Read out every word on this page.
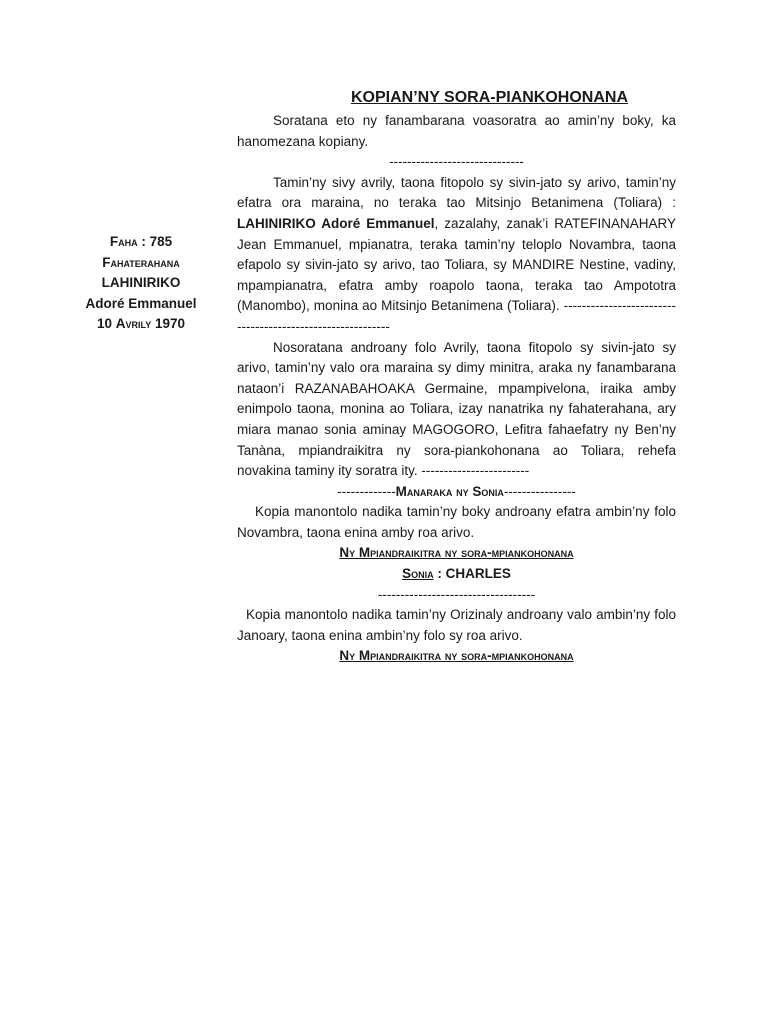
Faha : 785
Fahaterahana
LAHINIRIKO
Adoré Emmanuel
10 Avrily 1970

KOPIAN’NY SORA-PIANKOHONANA

Soratana eto ny fanambarana voasoratra ao amin’ny boky, ka hanomezana kopiany.

------------------------------

Tamin’ny sivy avrily, taona fitopolo sy sivin-jato sy arivo, tamin’ny efatra ora maraina, no teraka tao Mitsinjo Betanimena (Toliara) : LAHINIRIKO Adoré Emmanuel, zazalahy, zanak’i RATEFINANAHARY Jean Emmanuel, mpianatra, teraka tamin’ny teloplo Novambra, taona efapolo sy sivin-jato sy arivo, tao Toliara, sy MANDIRE Nestine, vadiny, mpampianatra, efatra amby roapolo taona, teraka tao Ampototra (Manombo), monina ao Mitsinjo Betanimena (Toliara). -----------------------------------------------------------

Nosoratana androany folo Avrily, taona fitopolo sy sivin-jato sy arivo, tamin’ny valo ora maraina sy dimy minitra, araka ny fanambarana nataon’i RAZANABAHOAKA Germaine, mpampivelona, iraika amby enimpolo taona, monina ao Toliara, izay nanatrika ny fahaterahana, ary miara manao sonia aminay MAGOGORO, Lefitra fahaefatry ny Ben’ny Tanàna, mpiandraikitra ny sora-piankohonana ao Toliara, rehefa novakina taminy ity soratra ity. ------------------------

-------------Manaraka ny Sonia----------------

Kopia manontolo nadika tamin’ny boky androany efatra ambin’ny folo Novambra, taona enina amby roa arivo.

Ny Mpiandraikitra ny sora-mpiankohonana

Sonia : CHARLES

-----------------------------------

Kopia manontolo nadika tamin’ny Orizinaly androany valo ambin’ny folo Janoary, taona enina ambin’ny folo sy roa arivo.

Ny Mpiandraikitra ny sora-mpiankohonana
